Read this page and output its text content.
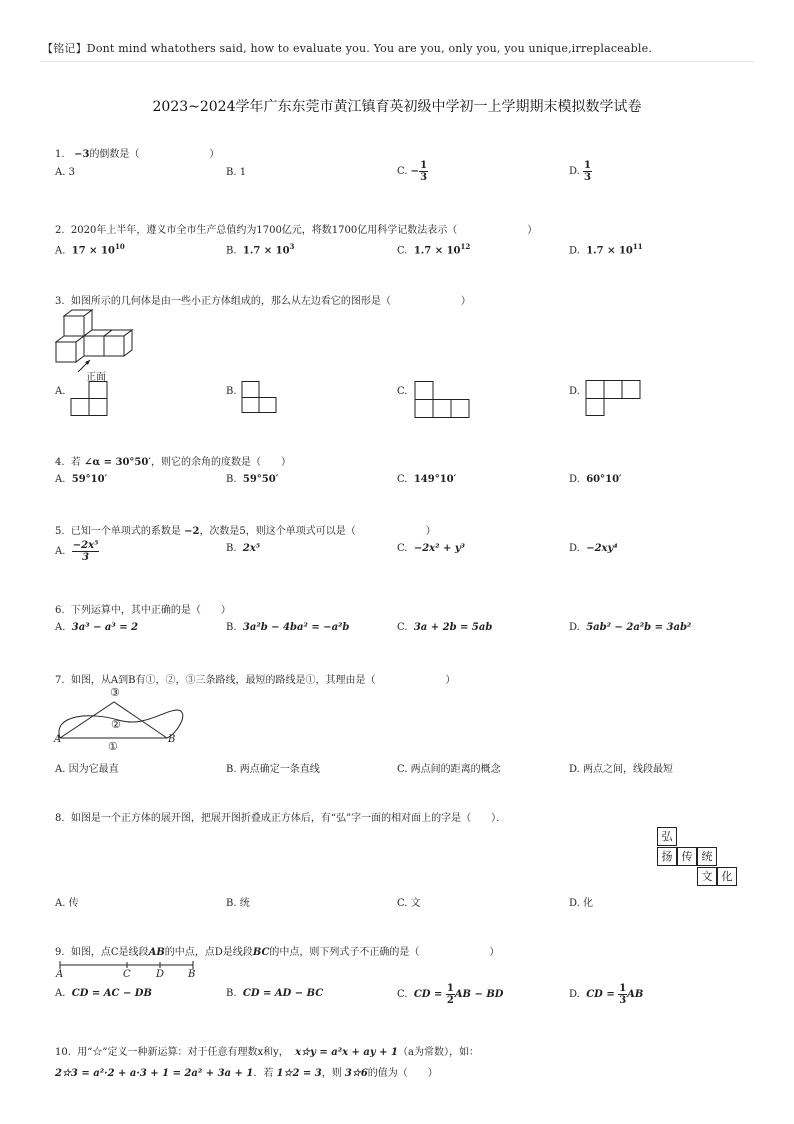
【铭记】Dont mind whatothers said, how to evaluate you. You are you, only you, you unique,irreplaceable.
2023~2024学年广东东莞市黄江镇育英初级中学初一上学期期末模拟数学试卷
1. −3的倒数是（　　　　　　　）
A. 3	B. 1	C. − $\frac{1}{3}$	D. $\frac{1}{3}$
2. 2020年上半年，遵义市全市生产总值约为1700亿元，将数1700亿用科学记数法表示（　　　　　　　）
A. $17 \times 10^{10}$	B. $1.7 \times 10^3$	C. $1.7 \times 10^{12}$	D. $1.7 \times 10^{11}$
3. 如图所示的几何体是由一些小正方体组成的，那么从左边看它的图形是（　　　　　　　）
正面
A.	B.	C.	D.
4. 若 ∠α = 30°50′，则它的余角的度数是（　　）
A. 59°10′	B. 59°50′	C. 149°10′	D. 60°10′
5. 已知一个单项式的系数是 −2，次数是5，则这个单项式可以是（　　　　　　　）
A. $\frac{\text{−2x⁵}}{3}$	B. 2x⁵	C. −2x² + y³	D. −2xy⁴
6. 下列运算中，其中正确的是（　　）
A. 3a³ − a³ = 2	B. 3a²b − 4ba² = −a²b	C. 3a + 2b = 5ab	D. 5ab² − 2a²b = 3ab²
7. 如图，从A到B有①，②，③三条路线，最短的路线是①，其理由是（　　　　　　　）
A	B
①
②
③
A. 因为它最直	B. 两点确定一条直线	C. 两点间的距离的概念	D. 两点之间，线段最短
8. 如图是一个正方体的展开图，把展开图折叠成正方体后，有“弘”字一面的相对面上的字是（　　）．
弘
扬 传 统
文 化
A. 传	B. 统	C. 文	D. 化
9. 如图，点C是线段AB的中点，点D是线段BC的中点，则下列式子不正确的是（　　　　　　　）
A	C	D B
A. CD = AC − DB	B. CD = AD − BC	C. CD = $\frac{1}{2}$ AB − BD	D. CD = $\frac{1}{3}$ AB
10. 用“☆”定义一种新运算：对于任意有理数x和y， x☆y = a²x + ay + 1（a为常数），如：
2☆3 = a²·2 + a·3 + 1 = 2a² + 3a + 1．若 1☆2 = 3，则 3☆6的值为（　　）
